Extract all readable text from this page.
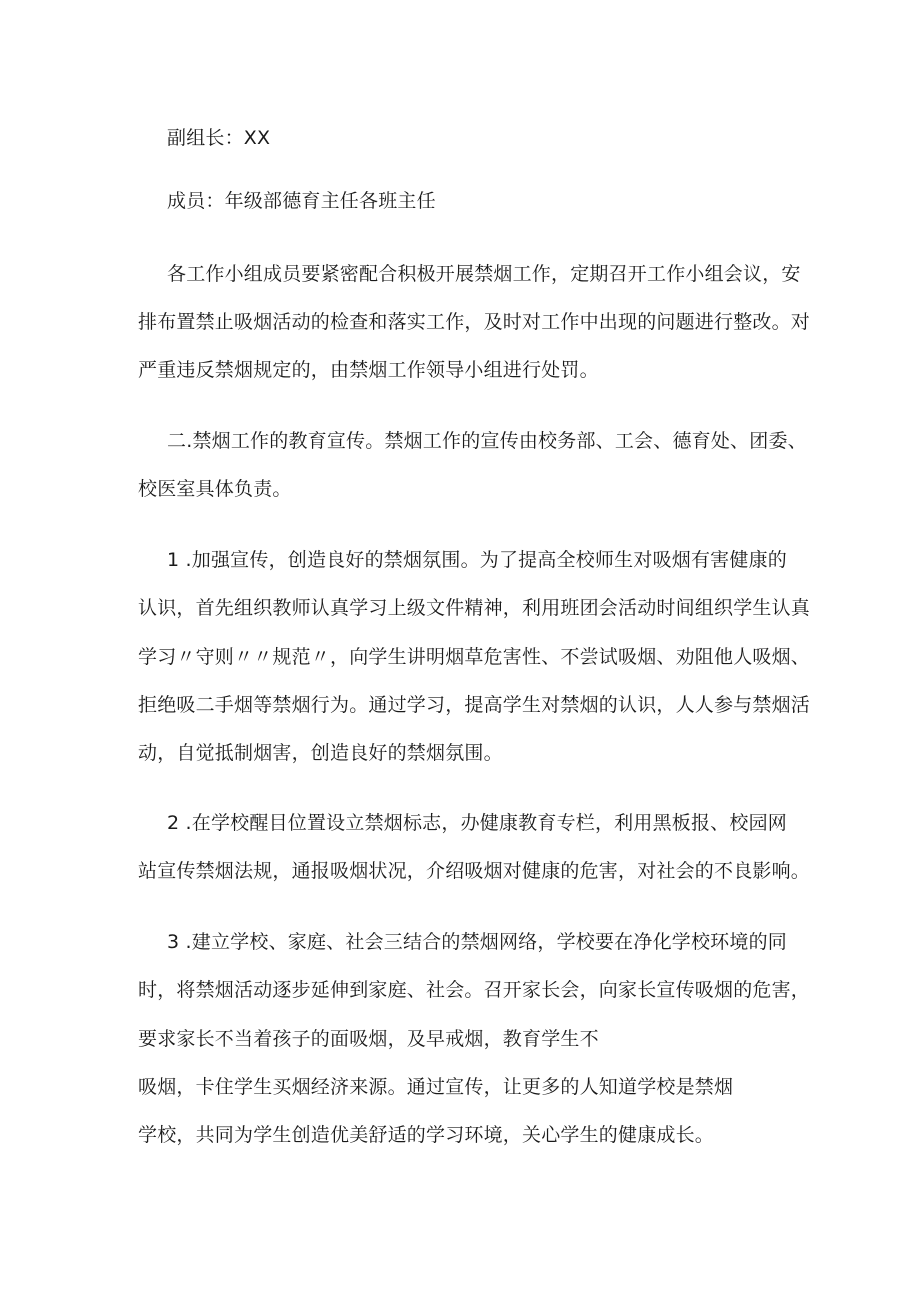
副组长：XX
成员：年级部德育主任各班主任
各工作小组成员要紧密配合积极开展禁烟工作，定期召开工作小组会议，安
排布置禁止吸烟活动的检查和落实工作，及时对工作中出现的问题进行整改。对
严重违反禁烟规定的，由禁烟工作领导小组进行处罚。
二.禁烟工作的教育宣传。禁烟工作的宣传由校务部、工会、德育处、团委、
校医室具体负责。
1 .加强宣传，创造良好的禁烟氛围。为了提高全校师生对吸烟有害健康的
认识，首先组织教师认真学习上级文件精神，利用班团会活动时间组织学生认真
学习〃守则〃〃规范〃，向学生讲明烟草危害性、不尝试吸烟、劝阻他人吸烟、
拒绝吸二手烟等禁烟行为。通过学习，提高学生对禁烟的认识，人人参与禁烟活
动，自觉抵制烟害，创造良好的禁烟氛围。
2 .在学校醒目位置设立禁烟标志，办健康教育专栏，利用黑板报、校园网
站宣传禁烟法规，通报吸烟状况，介绍吸烟对健康的危害，对社会的不良影响。
3 .建立学校、家庭、社会三结合的禁烟网络，学校要在净化学校环境的同
时，将禁烟活动逐步延伸到家庭、社会。召开家长会，向家长宣传吸烟的危害，
要求家长不当着孩子的面吸烟，及早戒烟，教育学生不
吸烟，卡住学生买烟经济来源。通过宣传，让更多的人知道学校是禁烟
学校，共同为学生创造优美舒适的学习环境，关心学生的健康成长。
